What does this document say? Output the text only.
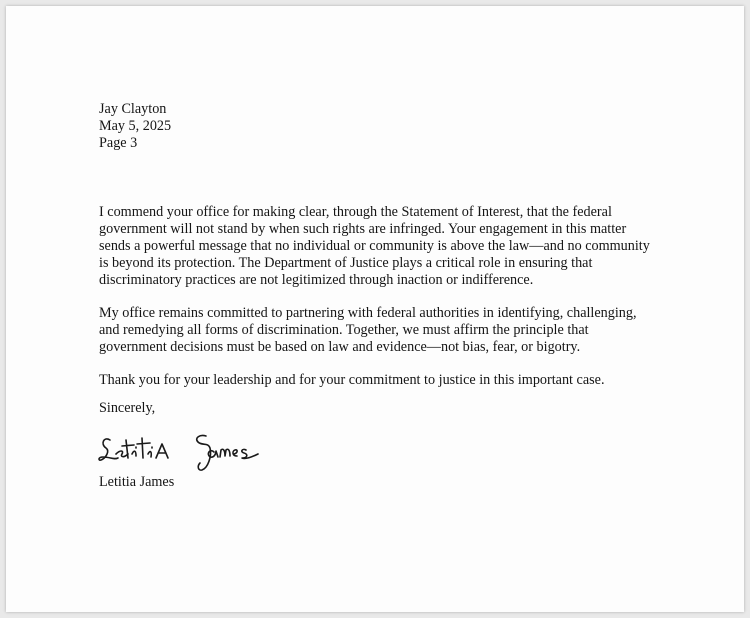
Jay Clayton
May 5, 2025
Page 3
I commend your office for making clear, through the Statement of Interest, that the federal
government will not stand by when such rights are infringed. Your engagement in this matter
sends a powerful message that no individual or community is above the law—and no community
is beyond its protection. The Department of Justice plays a critical role in ensuring that
discriminatory practices are not legitimized through inaction or indifference.
My office remains committed to partnering with federal authorities in identifying, challenging,
and remedying all forms of discrimination. Together, we must affirm the principle that
government decisions must be based on law and evidence—not bias, fear, or bigotry.
Thank you for your leadership and for your commitment to justice in this important case.
Sincerely,
Letitia James
